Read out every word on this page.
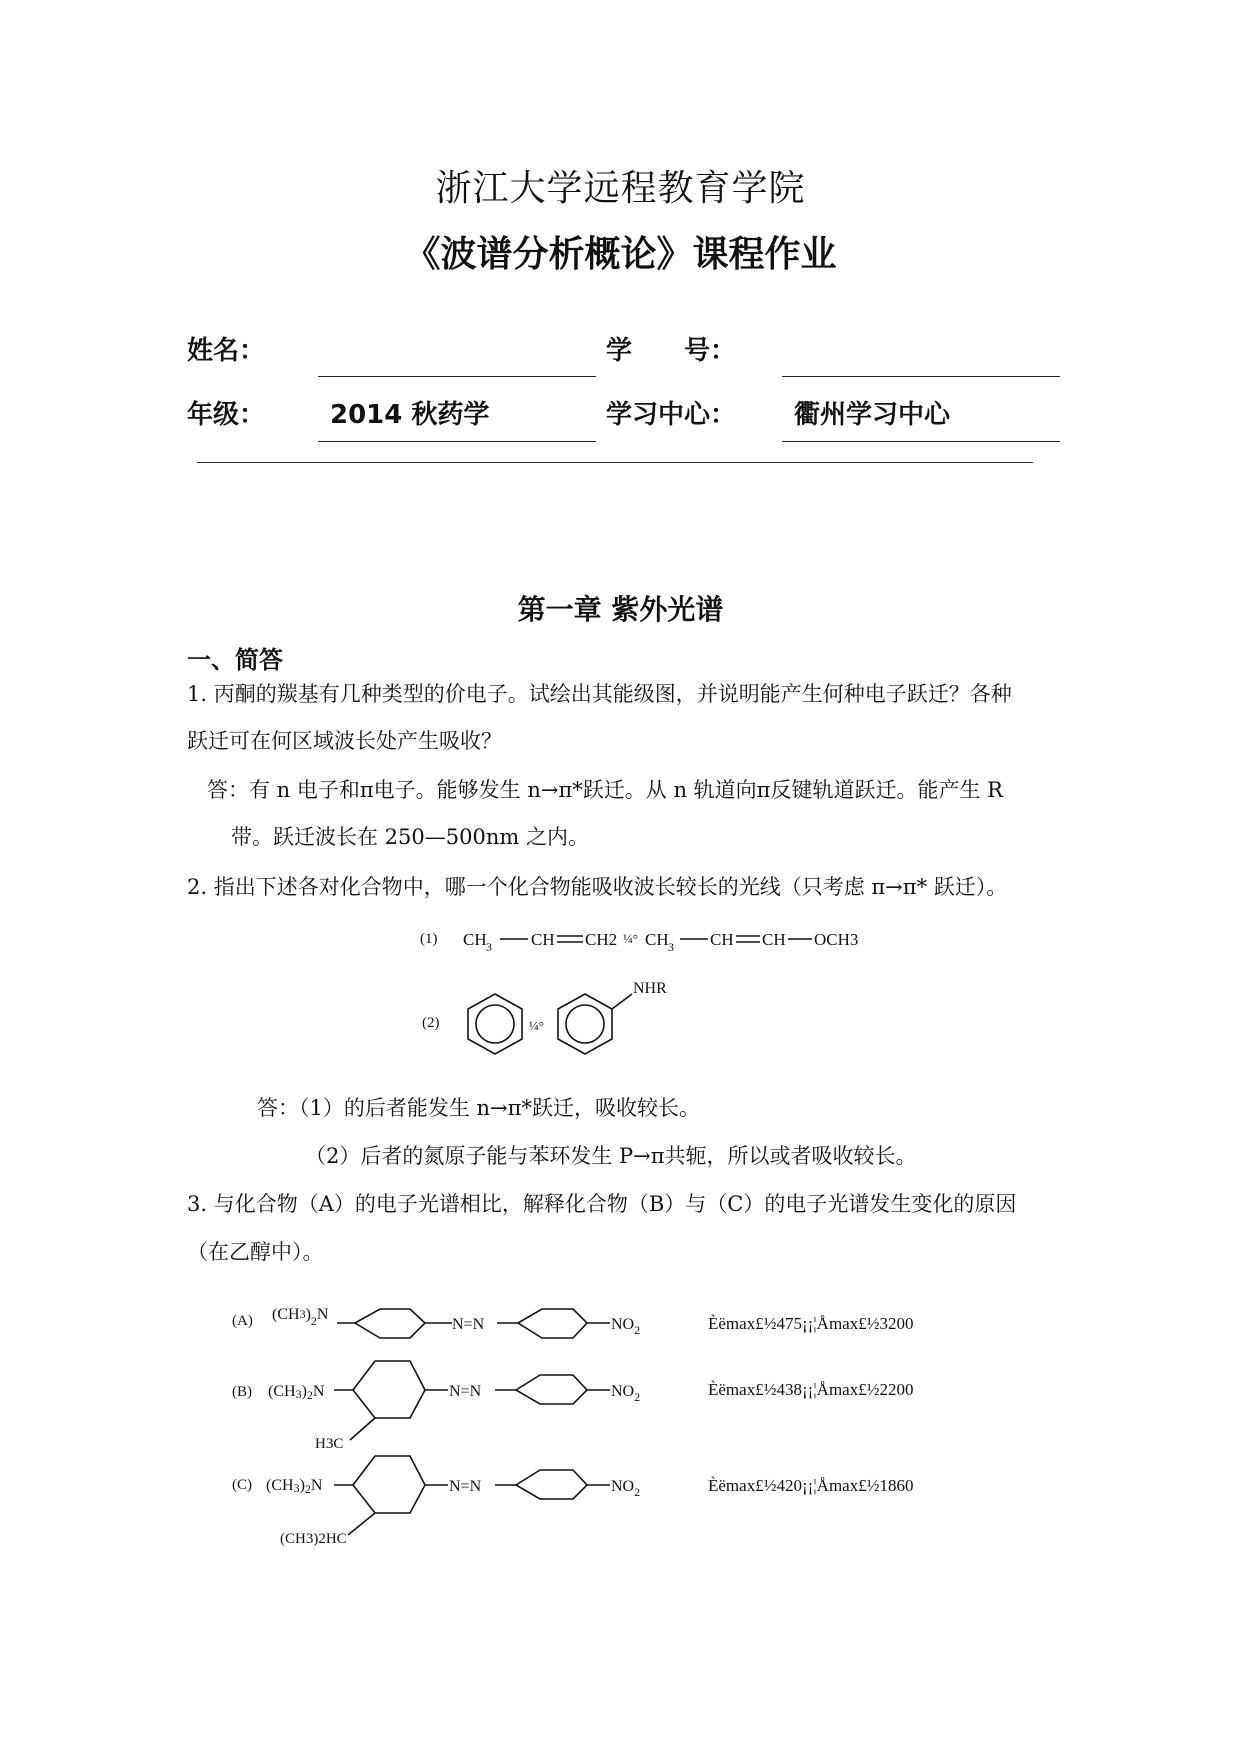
浙江大学远程教育学院
《波谱分析概论》课程作业
姓名：	学　　号：
年级： 2014 秋药学	学习中心： 衢州学习中心
第一章 紫外光谱
一、简答
1. 丙酮的羰基有几种类型的价电子。试绘出其能级图，并说明能产生何种电子跃迁？各种
跃迁可在何区域波长处产生吸收？
答：有 n 电子和π电子。能够发生 n→π*跃迁。从 n 轨道向π反键轨道跃迁。能产生 R
带。跃迁波长在 250—500nm 之内。
2. 指出下述各对化合物中，哪一个化合物能吸收波长较长的光线（只考虑 π→π* 跃迁）。
(1) CH 3 CH CH2 ¼° CH 3 CH CH OCH3
(2)	¼°
NHR
答：（1）的后者能发生 n→π*跃迁，吸收较长。
（2）后者的氮原子能与苯环发生 P→π共轭，所以或者吸收较长。
3. 与化合物（A）的电子光谱相比，解释化合物（B）与（C）的电子光谱发生变化的原因
（在乙醇中）。
(A) $(CH3)_2N$
N=N	$NO_2$	Èëmax£½475¡¡¦Åmax£½3200
(B) (CH3)2N	N=N	$NO_2$
H3C
Èëmax£½438¡¡¦Åmax£½2200
(C) (CH3)2N	N=N	$NO_2$
(CH3)2HC
Èëmax£½420¡¡¦Åmax£½1860
